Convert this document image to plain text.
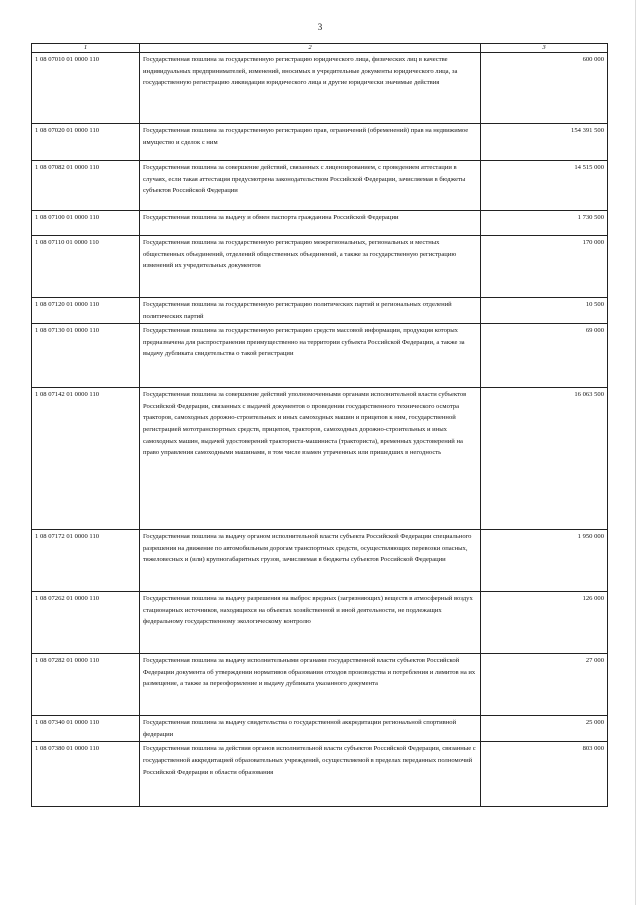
3
1	2	3
1 08 07010 01 0000 110	Государственная пошлина за государственную регистрацию юридического лица, физических лиц в качестве индивидуальных предпринимателей, изменений, вносимых в учредительные документы юридического лица, за государственную регистрацию ликвидации юридического лица и другие юридически значимые действия	600 000
1 08 07020 01 0000 110	Государственная пошлина за государственную регистрацию прав, ограничений (обременений) прав на недвижимое имущество и сделок с ним	154 391 500
1 08 07082 01 0000 110	Государственная пошлина за совершение действий, связанных с лицензированием, с проведением аттестации в случаях, если такая аттестация предусмотрена законодательством Российской Федерации, зачисляемая в бюджеты субъектов Российской Федерации	14 515 000
1 08 07100 01 0000 110	Государственная пошлина за выдачу и обмен паспорта гражданина Российской Федерации	1 730 500
1 08 07110 01 0000 110	Государственная пошлина за государственную регистрацию межрегиональных, региональных и местных общественных объединений, отделений общественных объединений, а также за государственную регистрацию изменений их учредительных документов	170 000
1 08 07120 01 0000 110	Государственная пошлина за государственную регистрацию политических партий и региональных отделений политических партий	10 500
1 08 07130 01 0000 110	Государственная пошлина за государственную регистрацию средств массовой информации, продукция которых предназначена для распространения преимущественно на территории субъекта Российской Федерации, а также за выдачу дубликата свидетельства о такой регистрации	69 000
1 08 07142 01 0000 110	Государственная пошлина за совершение действий уполномоченными органами исполнительной власти субъектов Российской Федерации, связанных с выдачей документов о проведении государственного технического осмотра тракторов, самоходных дорожно-строительных и иных самоходных машин и прицепов к ним, государственной регистрацией мототранспортных средств, прицепов, тракторов, самоходных дорожно-строительных и иных самоходных машин, выдачей удостоверений тракториста-машиниста (тракториста), временных удостоверений на право управления самоходными машинами, в том числе взамен утраченных или пришедших в негодность	16 063 500
1 08 07172 01 0000 110	Государственная пошлина за выдачу органом исполнительной власти субъекта Российской Федерации специального разрешения на движение по автомобильным дорогам транспортных средств, осуществляющих перевозки опасных, тяжеловесных и (или) крупногабаритных грузов, зачисляемая в бюджеты субъектов Российской Федерации	1 950 000
1 08 07262 01 0000 110	Государственная пошлина за выдачу разрешения на выброс вредных (загрязняющих) веществ в атмосферный воздух стационарных источников, находящихся на объектах хозяйственной и иной деятельности, не подлежащих федеральному государственному экологическому контролю	126 000
1 08 07282 01 0000 110	Государственная пошлина за выдачу исполнительными органами государственной власти субъектов Российской Федерации документа об утверждении нормативов образования отходов производства и потребления и лимитов на их размещение, а также за переоформление и выдачу дубликата указанного документа	27 000
1 08 07340 01 0000 110	Государственная пошлина за выдачу свидетельства о государственной аккредитации региональной спортивной федерации	25 000
1 08 07380 01 0000 110	Государственная пошлина за действия органов исполнительной власти субъектов Российской Федерации, связанные с государственной аккредитацией образовательных учреждений, осуществляемой в пределах переданных полномочий Российской Федерации в области образования	803 000
